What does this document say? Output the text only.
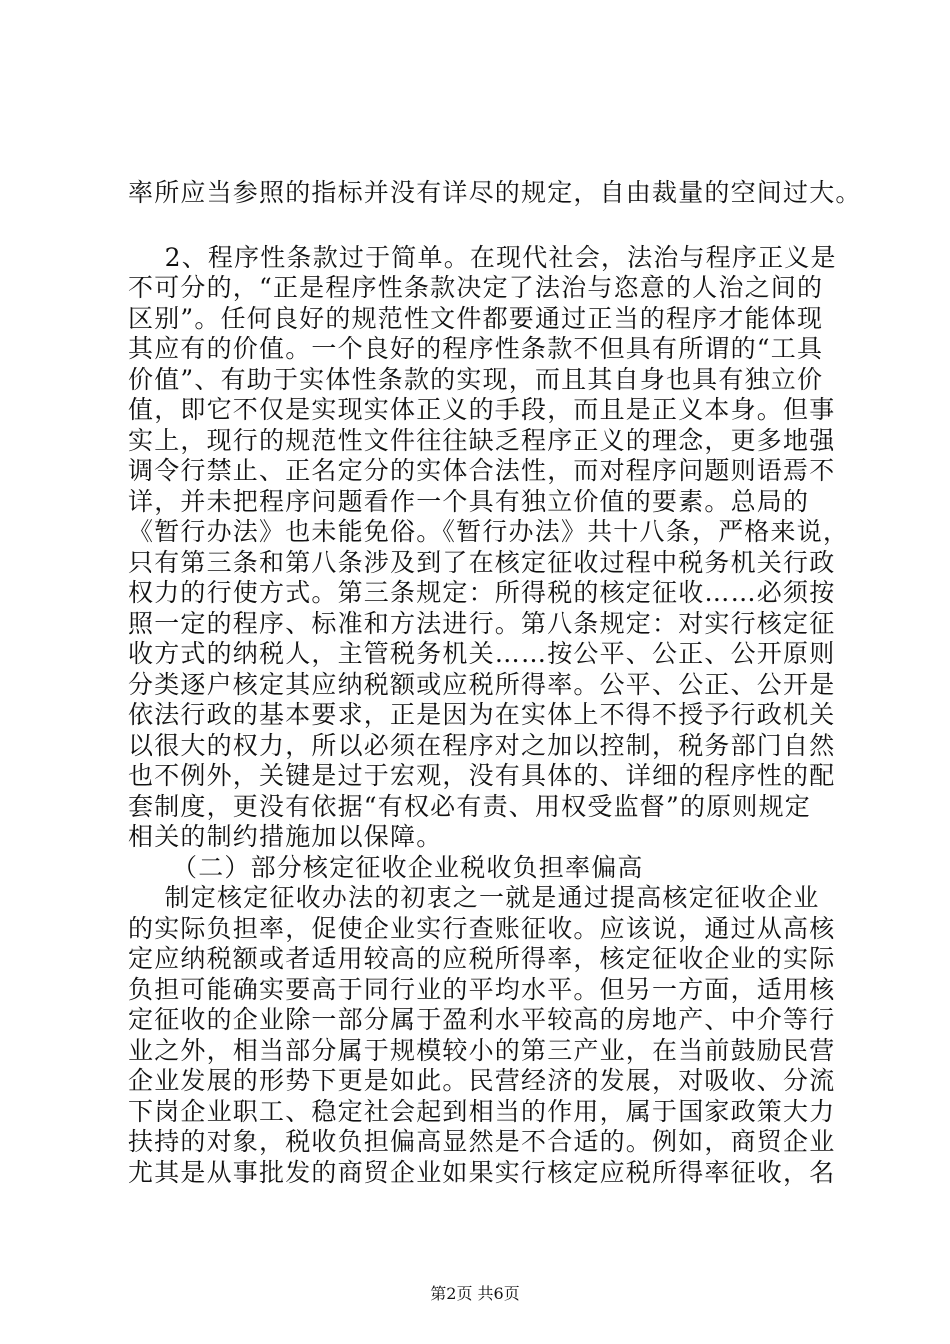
率所应当参照的指标并没有详尽的规定，自由裁量的空间过大。
2、程序性条款过于简单。在现代社会，法治与程序正义是
不可分的，“正是程序性条款决定了法治与恣意的人治之间的
区别”。任何良好的规范性文件都要通过正当的程序才能体现
其应有的价值。一个良好的程序性条款不但具有所谓的“工具
价值”、有助于实体性条款的实现，而且其自身也具有独立价
值，即它不仅是实现实体正义的手段，而且是正义本身。但事
实上，现行的规范性文件往往缺乏程序正义的理念，更多地强
调令行禁止、正名定分的实体合法性，而对程序问题则语焉不
详，并未把程序问题看作一个具有独立价值的要素。总局的
《暂行办法》也未能免俗。《暂行办法》共十八条，严格来说，
只有第三条和第八条涉及到了在核定征收过程中税务机关行政
权力的行使方式。第三条规定：所得税的核定征收……必须按
照一定的程序、标准和方法进行。第八条规定：对实行核定征
收方式的纳税人，主管税务机关……按公平、公正、公开原则
分类逐户核定其应纳税额或应税所得率。公平、公正、公开是
依法行政的基本要求，正是因为在实体上不得不授予行政机关
以很大的权力，所以必须在程序对之加以控制，税务部门自然
也不例外，关键是过于宏观，没有具体的、详细的程序性的配
套制度，更没有依据“有权必有责、用权受监督”的原则规定
相关的制约措施加以保障。
（二）部分核定征收企业税收负担率偏高
制定核定征收办法的初衷之一就是通过提高核定征收企业
的实际负担率，促使企业实行查账征收。应该说，通过从高核
定应纳税额或者适用较高的应税所得率，核定征收企业的实际
负担可能确实要高于同行业的平均水平。但另一方面，适用核
定征收的企业除一部分属于盈利水平较高的房地产、中介等行
业之外，相当部分属于规模较小的第三产业，在当前鼓励民营
企业发展的形势下更是如此。民营经济的发展，对吸收、分流
下岗企业职工、稳定社会起到相当的作用，属于国家政策大力
扶持的对象，税收负担偏高显然是不合适的。例如，商贸企业
尤其是从事批发的商贸企业如果实行核定应税所得率征收，名
第2页 共6页
